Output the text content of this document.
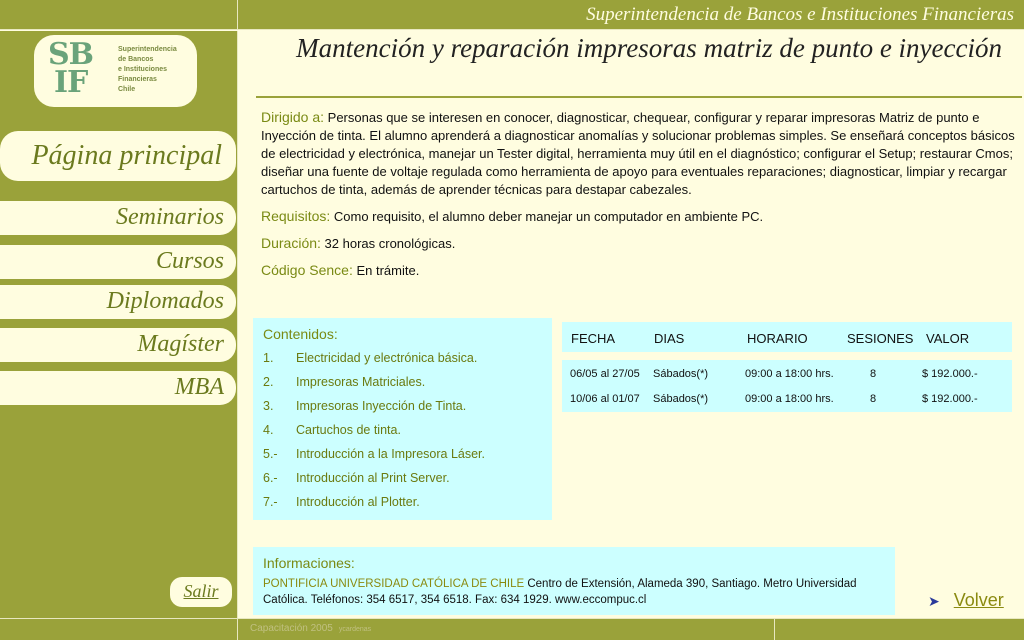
Superintendencia de Bancos e Instituciones Financieras
SB
IF
Superintendencia
de Bancos
e Instituciones
Financieras
Chile
Página principal
Seminarios
Cursos
Diplomados
Magíster
MBA
Salir
Mantención y reparación impresoras matriz de punto e inyección

Dirigido a: Personas que se interesen en conocer, diagnosticar, chequear, configurar y reparar impresoras Matriz de punto e Inyección de tinta. El alumno aprenderá a diagnosticar anomalías y solucionar problemas simples. Se enseñará conceptos básicos de electricidad y electrónica, manejar un Tester digital, herramienta muy útil en el diagnóstico; configurar el Setup; restaurar Cmos; diseñar una fuente de voltaje regulada como herramienta de apoyo para eventuales reparaciones; diagnosticar, limpiar y recargar cartuchos de tinta, además de aprender técnicas para destapar cabezales.

Requisitos: Como requisito, el alumno deber manejar un computador en ambiente PC.

Duración: 32 horas cronológicas.

Código Sence: En trámite.

Contenidos:
1. Electricidad y electrónica básica.
2. Impresoras Matriciales.
3. Impresoras Inyección de Tinta.
4. Cartuchos de tinta.
5.- Introducción a la Impresora Láser.
6.- Introducción al Print Server.
7.- Introducción al Plotter.
FECHA	DIAS	HORARIO	SESIONES VALOR
06/05 al 27/05 Sábados(*)	09:00 a 18:00 hrs.	8	$ 192.000.-
10/06 al 01/07 Sábados(*)	09:00 a 18:00 hrs.	8	$ 192.000.-
Informaciones:
PONTIFICIA UNIVERSIDAD CATÓLICA DE CHILE Centro de Extensión, Alameda 390, Santiago. Metro Universidad Católica. Teléfonos: 354 6517, 354 6518. Fax: 634 1929. www.eccompuc.cl	➤ Volver
Capacitación 2005 ycardenas
